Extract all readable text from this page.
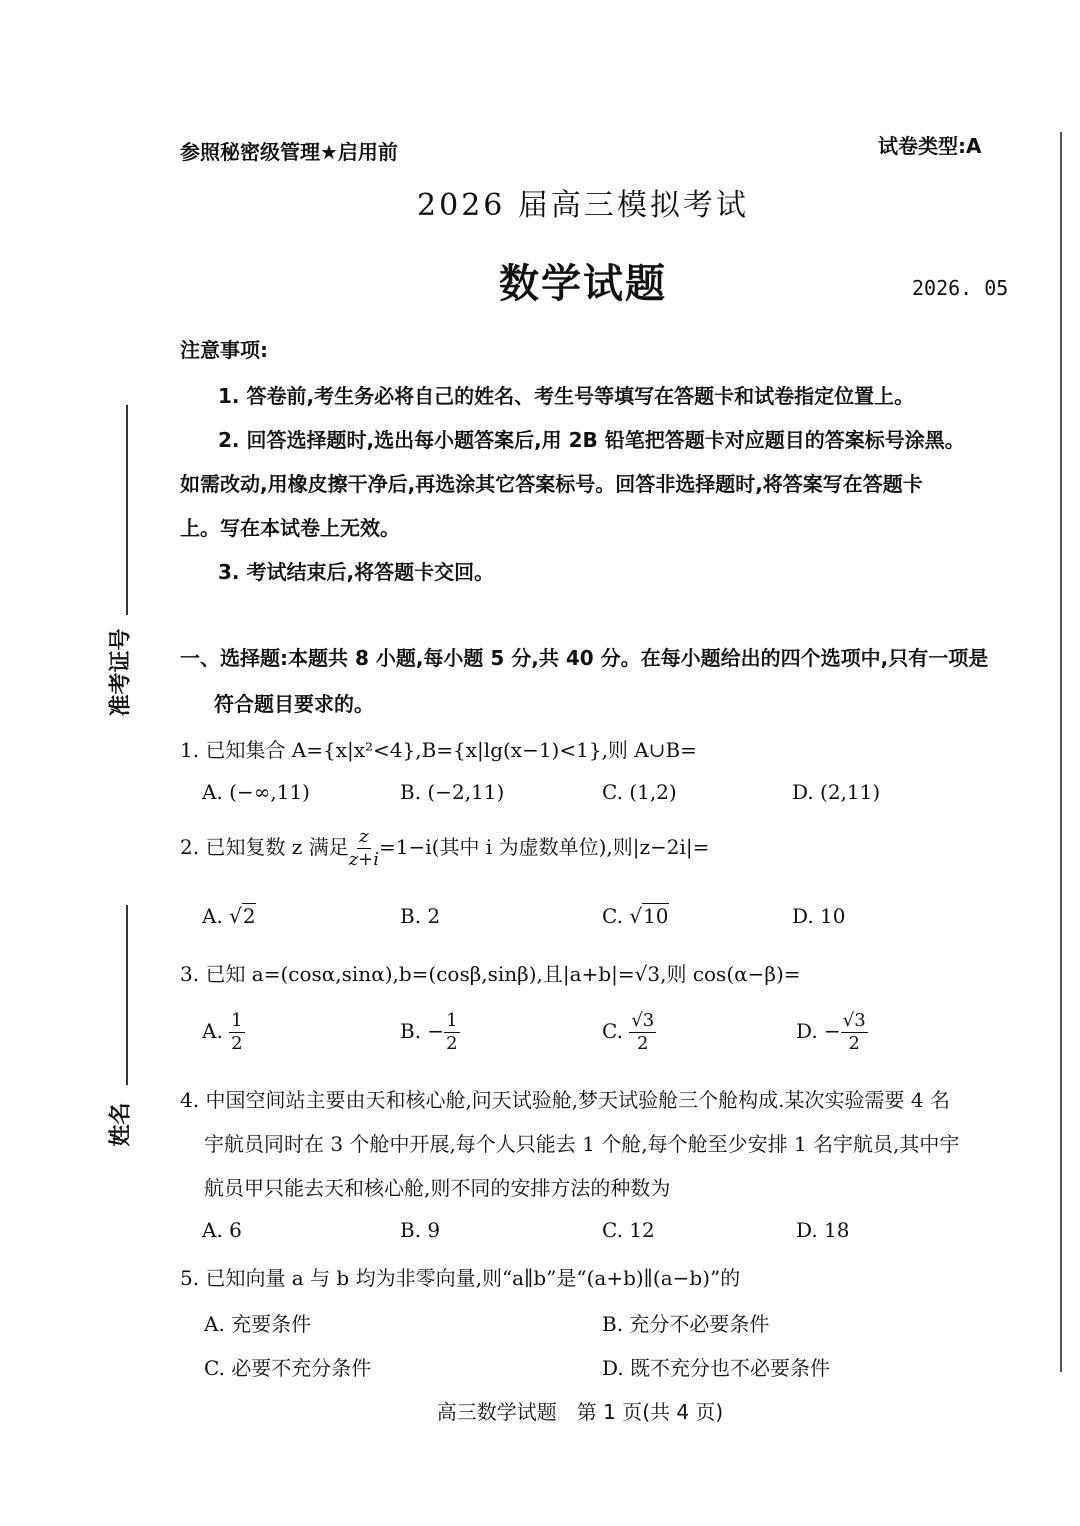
准考证号
姓名
参照秘密级管理★启用前	试卷类型:A
2026 届高三模拟考试
数学试题	2026. 05
注意事项:
1. 答卷前,考生务必将自己的姓名、考生号等填写在答题卡和试卷指定位置上。
2. 回答选择题时,选出每小题答案后,用 2B 铅笔把答题卡对应题目的答案标号涂黑。
如需改动,用橡皮擦干净后,再选涂其它答案标号。回答非选择题时,将答案写在答题卡
上。写在本试卷上无效。
3. 考试结束后,将答题卡交回。
一、选择题:本题共 8 小题,每小题 5 分,共 40 分。在每小题给出的四个选项中,只有一项是
符合题目要求的。
1. 已知集合 A={x|x²<4},B={x|lg(x−1)<1},则 A∪B=
A. (−∞,11)	B. (−2,11)	C. (1,2)	D. (2,11)
2. 已知复数 z 满足 $\frac{z}{z+i} =1-i$(其中 i 为虚数单位),则|z−2i|=
A. √2	B. 2	C. √10	D. 10
3. 已知 a=(cosα,sinα),b=(cosβ,sinβ),且|a+b|=√3,则 cos(α−β)=
A. $\frac{1}{2}$	B. − $\frac{1}{2}$	C. $\frac{√3}{2}$	D. − $\frac{√3}{2}$
4. 中国空间站主要由天和核心舱,问天试验舱,梦天试验舱三个舱构成.某次实验需要 4 名
宇航员同时在 3 个舱中开展,每个人只能去 1 个舱,每个舱至少安排 1 名宇航员,其中宇
航员甲只能去天和核心舱,则不同的安排方法的种数为
A. 6	B. 9	C. 12	D. 18
5. 已知向量 a 与 b 均为非零向量,则“a∥b”是“(a+b)∥(a−b)”的
A. 充要条件	B. 充分不必要条件
C. 必要不充分条件	D. 既不充分也不必要条件
高三数学试题　第 1 页(共 4 页)
